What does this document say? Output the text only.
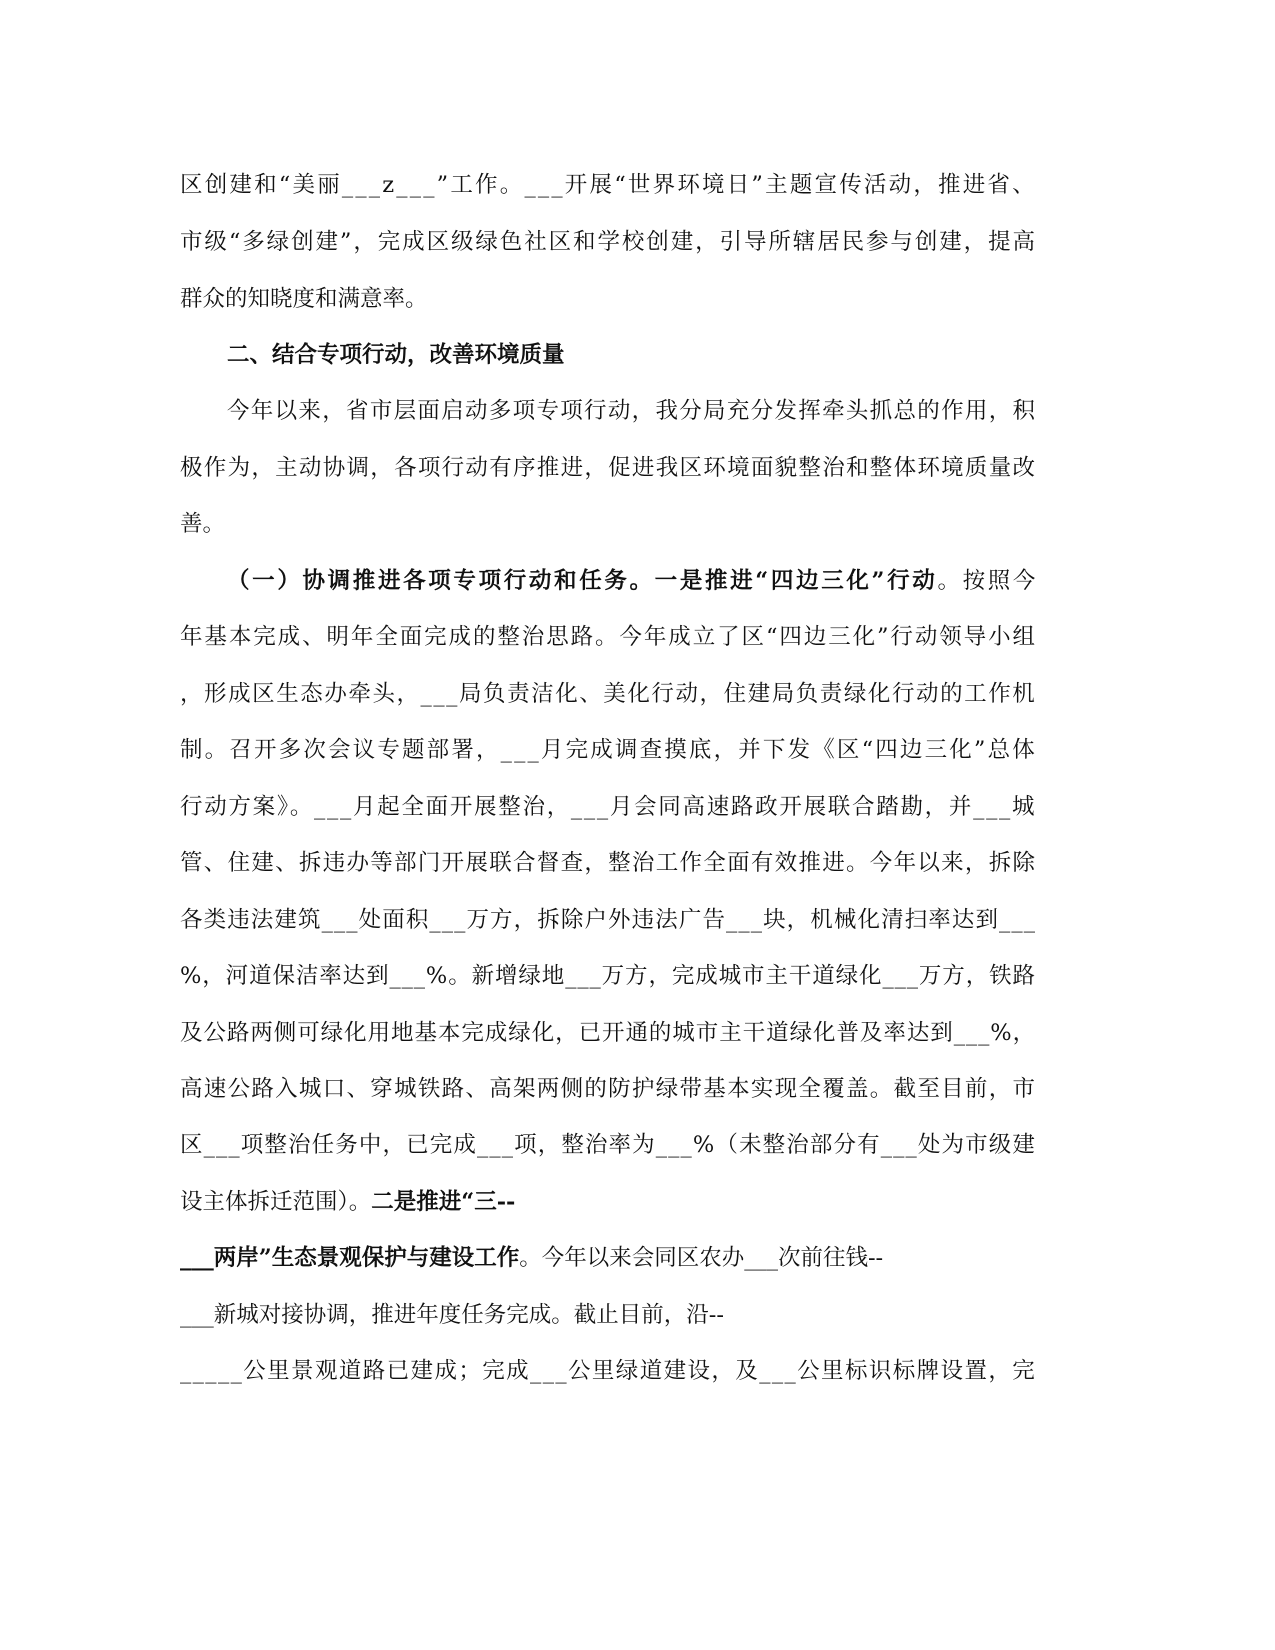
区创建和“美丽___z___”工作。___开展“世界环境日”主题宣传活动，推进省、

市级“多绿创建”，完成区级绿色社区和学校创建，引导所辖居民参与创建，提高

群众的知晓度和满意率。

二、结合专项行动，改善环境质量

今年以来，省市层面启动多项专项行动，我分局充分发挥牵头抓总的作用，积

极作为，主动协调，各项行动有序推进，促进我区环境面貌整治和整体环境质量改

善。

（一）协调推进各项专项行动和任务。一是推进“四边三化”行动。按照今

年基本完成、明年全面完成的整治思路。今年成立了区“四边三化”行动领导小组

，形成区生态办牵头，___局负责洁化、美化行动，住建局负责绿化行动的工作机

制。召开多次会议专题部署，___月完成调查摸底，并下发《区“四边三化”总体

行动方案》。___月起全面开展整治，___月会同高速路政开展联合踏勘，并___城

管、住建、拆违办等部门开展联合督查，整治工作全面有效推进。今年以来，拆除

各类违法建筑___处面积___万方，拆除户外违法广告___块，机械化清扫率达到___

%，河道保洁率达到___%。新增绿地___万方，完成城市主干道绿化___万方，铁路

及公路两侧可绿化用地基本完成绿化，已开通的城市主干道绿化普及率达到___%，

高速公路入城口、穿城铁路、高架两侧的防护绿带基本实现全覆盖。截至目前，市

区___项整治任务中，已完成___项，整治率为___%（未整治部分有___处为市级建

设主体拆迁范围）。二是推进“三--

___两岸”生态景观保护与建设工作。今年以来会同区农办___次前往钱--

___新城对接协调，推进年度任务完成。截止目前，沿--

_____公里景观道路已建成；完成___公里绿道建设，及___公里标识标牌设置，完
